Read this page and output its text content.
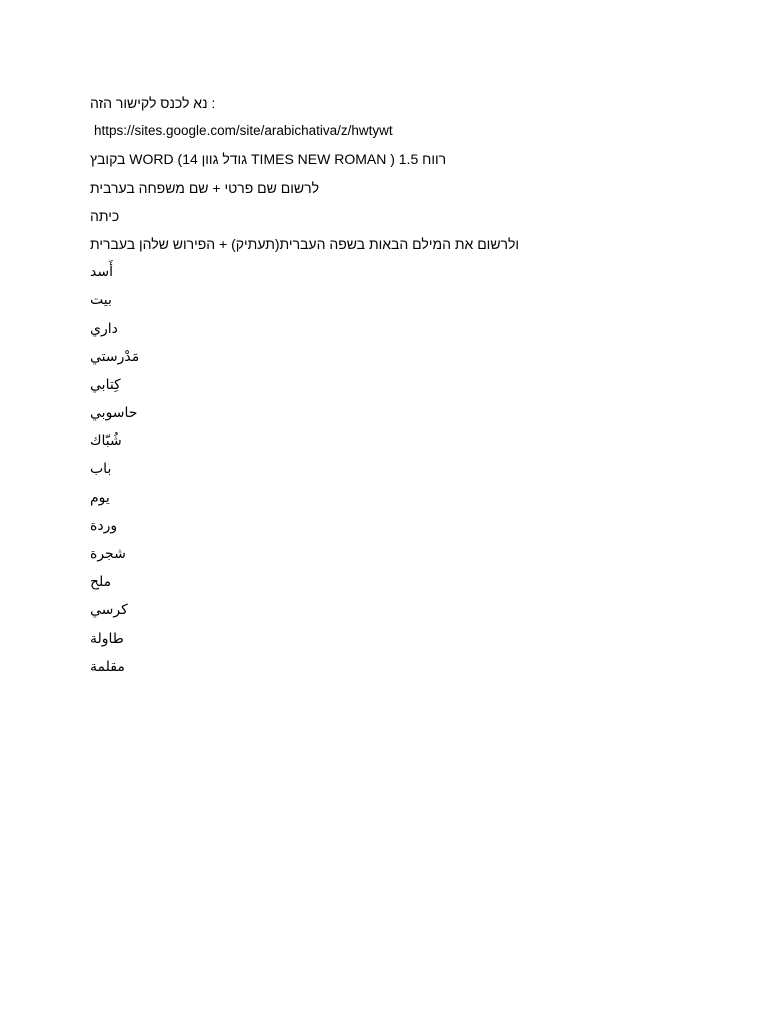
נא לכנס לקישור הזה :
https://sites.google.com/site/arabichativa/z/hwtywt
בקובץ WORD (14 גודל גוון TIMES NEW ROMAN ) 1.5 רווח
לרשום שם פרטי + שם משפחה בערבית
כיתה
ולרשום את המילם הבאות בשפה העברית(תעתיק) + הפירוש שלהן בעברית
أَسد
بيت
داري
مَدْرستي
كِتابي
حاسوبي
شُبّاك
باب
يوم
وردة
شجرة
ملح
كرسي
طاولة
مقلمة
